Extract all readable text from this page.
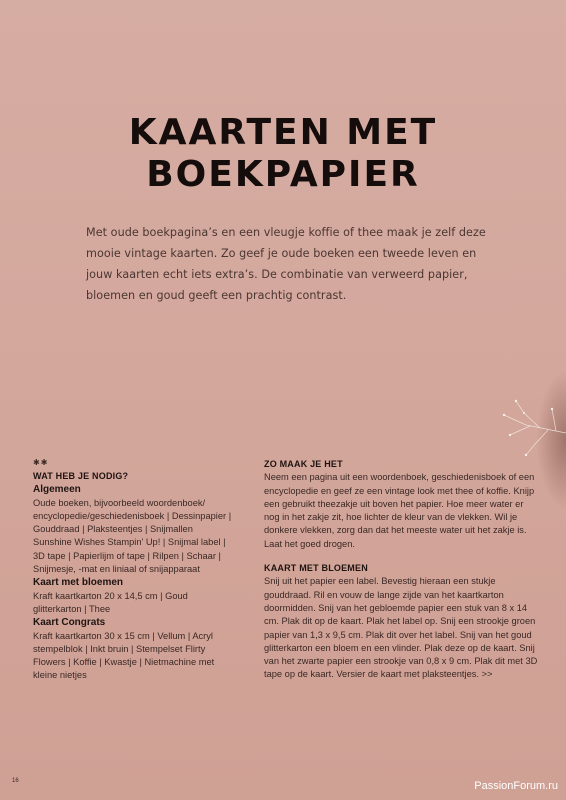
KAARTEN MET
BOEKPAPIER

Met oude boekpagina’s en een vleugje koffie of thee maak je zelf deze mooie vintage kaarten. Zo geef je oude boeken een tweede leven en jouw kaarten echt iets extra’s. De combinatie van verweerd papier, bloemen en goud geeft een prachtig contrast.

✱✱
WAT HEB JE NODIG?
Algemeen

Oude boeken, bijvoorbeeld woordenboek/ encyclopedie/geschiedenisboek | Dessinpapier | Gouddraad | Plaksteentjes | Snijmallen Sunshine Wishes Stampin’ Up! | Snijmal label | 3D tape | Papierlijm of tape | Rilpen | Schaar | Snijmesje, -mat en liniaal of snijapparaat

Kaart met bloemen

Kraft kaartkarton 20 x 14,5 cm | Goud glitterkarton | Thee

Kaart Congrats

Kraft kaartkarton 30 x 15 cm | Vellum | Acryl stempelblok | Inkt bruin | Stempelset Flirty Flowers | Koffie | Kwastje | Nietmachine met kleine nietjes

ZO MAAK JE HET

Neem een pagina uit een woordenboek, geschiedenisboek of een encyclopedie en geef ze een vintage look met thee of koffie. Knijp een gebruikt theezakje uit boven het papier. Hoe meer water er nog in het zakje zit, hoe lichter de kleur van de vlekken. Wil je donkere vlekken, zorg dan dat het meeste water uit het zakje is. Laat het goed drogen.

KAART MET BLOEMEN

Snij uit het papier een label. Bevestig hieraan een stukje gouddraad. Ril en vouw de lange zijde van het kaartkarton doormidden. Snij van het gebloemde papier een stuk van 8 x 14 cm. Plak dit op de kaart. Plak het label op. Snij een strookje groen papier van 1,3 x 9,5 cm. Plak dit over het label. Snij van het goud glitterkarton een bloem en een vlinder. Plak deze op de kaart. Snij van het zwarte papier een strookje van 0,8 x 9 cm. Plak dit met 3D tape op de kaart. Versier de kaart met plaksteentjes. >>

16	PassionForum.ru
